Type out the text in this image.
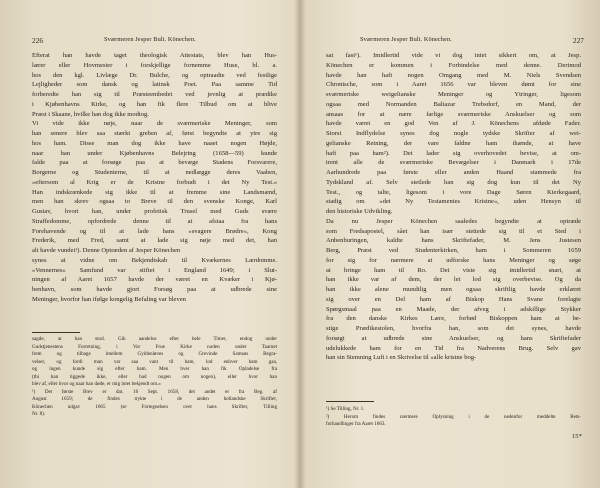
226	Sværmeren Jesper Bult. Könechen.
Efterat han havde taget theologisk Attestats, blev han Hus-
lærer eller Hovmester i forskjellige fornemme Huse, bl. a.
hos den kgl. Livlæge Dr. Bulche, og optraadte ved festlige
Lejligheder som dansk og latinsk Poet. Paa samme Tid
forberedte han sig til Præsteembedet ved jevnlig at prædike
i Kjøbenhavns Kirke, og han fik flere Tilbud om at blive
Præst i Skaane, hvilke han dog ikke modtog.
Vi vide ikke nøje, naar de sværmeriske Meninger, som
han senere blev saa stærkt greben af, først begyndte at ytre sig
hos ham. Disse man dog ikke have naaet nogen Højde,
naar han under Kjøbenhavns Belejring (1658—59) kunde
falde paa at forsøge paa at bevæge Stadens Forsvarere,
Borgerne og Studenterne, til at nedlægge deres Vaaben,
»eftersom al Krig er de Kristne forbudt i det Ny Test.«
Han indskrænkede sig ikke til at fremme sine Landsmænd,
men han skrev ogsaa to Breve til den svenske Konge, Karl
Gustav, hvori han, under profetisk Trusel med Guds svære
Straffedomme, opfordrede denne til at afstaa fra hans
Forehavende og til at lade hans »svagere Brødre«, Kong
Frederik, med Fred, samt at lade sig nøje med det, han
alt havde vundet¹). Denne Optræden af Jesper Könechen
synes at vidne om Bekjendtskab til Kvækernes Lærdomme.
»Vennernes« Samfund var stiftet i England 1649; i Slut-
ningen af Aaret 1657 havde der været en Kvæker i Kjø-
benhavn, som havde gjort Forsøg paa at udbrede sine
Meninger, hvorfor han ifølge kongelig Befaling var bleven
sagde, at han stod. Gik aandelos efter hele Timer, endog under
Gudstjenestens Forretning, i Vor Frue Kirke noden under Taarnet
frem og tilbage imellem Gyldenløves og Grevinde Samsøs Begra-
velser, og fordi man var saa vant til ham, lod enhver ham gaa,
og ingen kunde sig efter ham. Men hver han fik Opladelse fra
(thi han tiggede ikke, eller bad nogen om nogen), eller hvor han
blev af, eller hvor og naar han døde, er mig intet bekjendt om.«
¹) Det første Brev er dat. 16 Sept. 1658, det andet er fra Beg. af
August 1659; de findes trykte i de anden hollandske Skrifter,
Könechen udgav 1665 (se Fortegnelsen over hans Skrifter, Tilling
Nr. 8).
Sværmeren Jesper Bult. Könechen.	227
sat fast¹). Imidlertid vide vi dog intet sikkert om, at Jesp.
Könechen er kommen i Forbindelse med denne. Derimod
havde han haft nogen Omgang med M. Niels Svendsen
Chronische, som i Aaret 1656 var bleven dømt for sine
sværmeriske weigelianske Meninger og Ytringer, ligesom
ogsaa med Normanden Baltazar Trebsdorf, en Mand, der
ansaas for at nære farlige sværmeriske Anskuelser og som
havde været en god Ven af J. Könechens afdøde Fader.
Storst Indflydelse synes dog nogle tydske Skrifter af wei-
gelianske Retning, der vare faldne ham ihænde, at have
haft paa ham²). Det lader sig overhovedet bevise, at om-
trent alle de sværmeriske Bevægelser i Danmark i 17de
Aarhundrede paa første eller anden Haand stammede fra
Tydskland af. Selv stetlede han sig dog kun til det Ny
Test., og talte, ligesom i vore Dage Søren Kierkegaard,
stadig om »det Ny Testamentes Kristne«, uden Hensyn til
den historiske Udvikling.
Da nu Jesper Könechen saaledes begyndte at optræde
som Fredsapostel, sået han især stettede sig til et Sted i
Anbenburingen, kaldte hans Skriftefader, M. Jens Justesen
Berg, Præst ved Studenterkirken, ham i Sommeren 1659
for sig for nærmere at udforske hans Meninger og søge
at bringe ham til Ro. Det viste sig imidlertid snart, at
han ikke var af dem, der let lod sig overbevise. Og da
han ikke alene mundtlig men ogsaa skriftlig havde erklæret
sig over en Del ham af Biskop Hans Svane forelagte
Spørgsmaal paa en Maade, der afveg i adskillige Stykker
fra den danske Kirkes Lære, forbød Biskoppen ham at be-
stige Prædikestolen, hvorfra han, som det synes, havde
forsøgt at udbrede sine Anskuelser, og hans Skriftefader
udelukkede ham for en Tid fra Nadverens Brug. Selv gav
han sin Stemning Luft i en Skrivelse til »alle kristne bog-
¹) Se Tilling, Nr. 1.
²) Herom findes nærmere Oplysning i de nedenfor meddelte Rets-
forhandlinger fra Aaret 1663.
15*
